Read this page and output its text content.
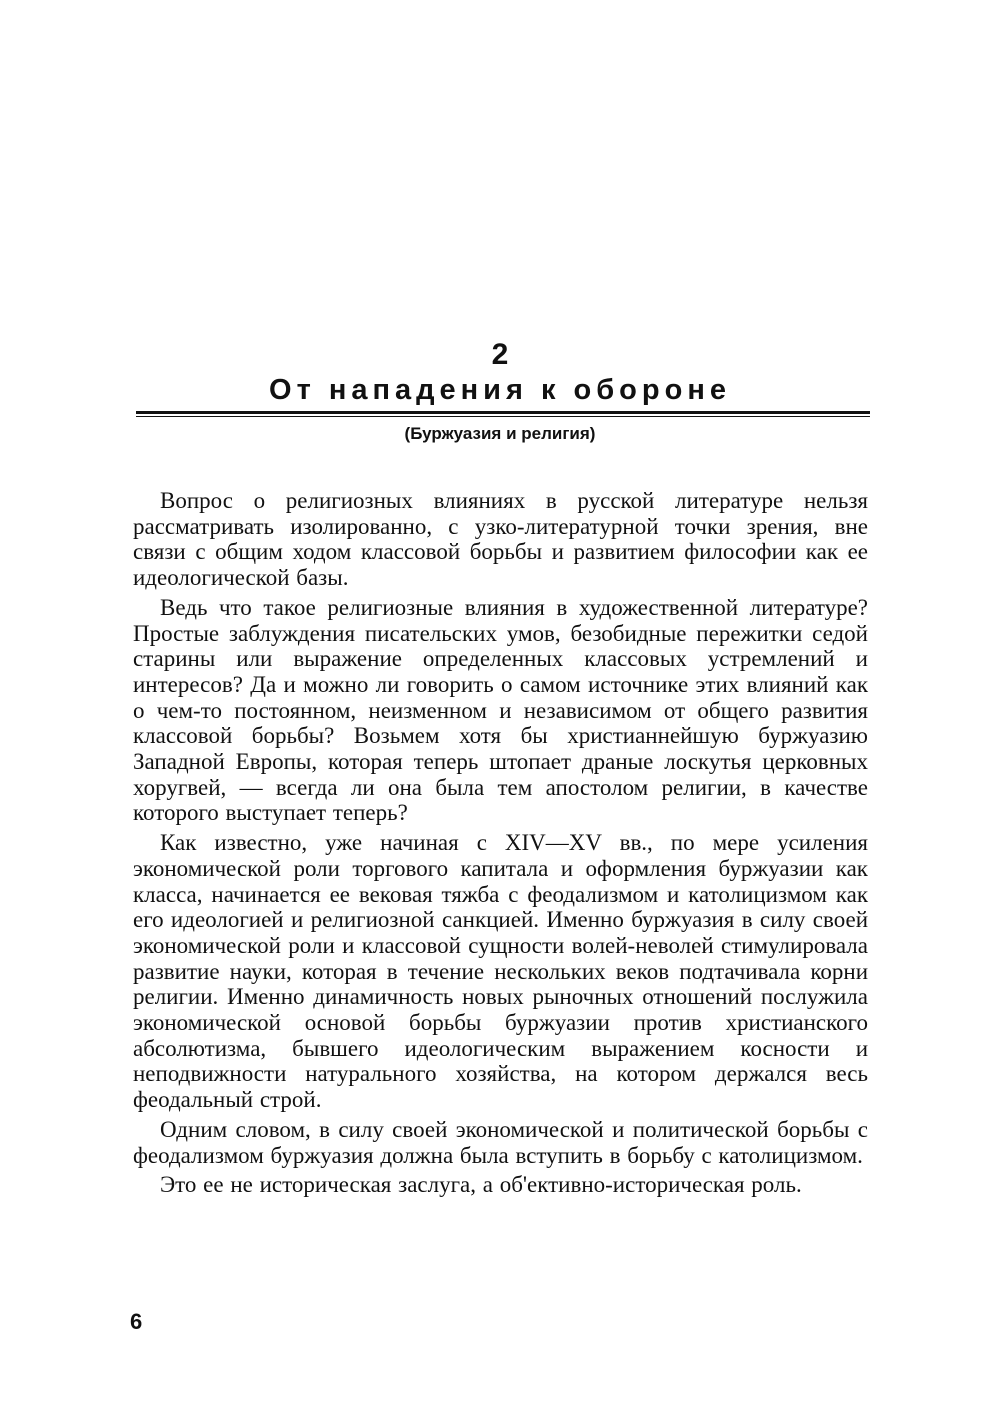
2
От нападения к обороне
(Буржуазия и религия)

Вопрос о религиозных влияниях в русской литературе нельзя рассматривать изолированно, с узко-литературной точки зрения, вне связи с общим ходом классовой борьбы и развитием философии как ее идеологической базы.

Ведь что такое религиозные влияния в художественной литературе? Простые заблуждения писательских умов, безобидные пережитки седой старины или выражение определенных классовых устремлений и интересов? Да и можно ли говорить о самом источнике этих влияний как о чем-то постоянном, неизменном и независимом от общего развития классовой борьбы? Возьмем хотя бы христианнейшую буржуазию Западной Европы, которая теперь штопает драные лоскутья церковных хоругвей, — всегда ли она была тем апостолом религии, в качестве которого выступает теперь?

Как известно, уже начиная с XIV—XV вв., по мере усиления экономической роли торгового капитала и оформления буржуазии как класса, начинается ее вековая тяжба с феодализмом и католицизмом как его идеологией и религиозной санкцией. Именно буржуазия в силу своей экономической роли и классовой сущности волей-неволей стимулировала развитие науки, которая в течение нескольких веков подтачивала корни религии. Именно динамичность новых рыночных отношений послужила экономической основой борьбы буржуазии против христианского абсолютизма, бывшего идеологическим выражением косности и неподвижности натурального хозяйства, на котором держался весь феодальный строй.

Одним словом, в силу своей экономической и политической борьбы с феодализмом буржуазия должна была вступить в борьбу с католицизмом.

Это ее не историческая заслуга, а об'ективно-историческая роль.

6
